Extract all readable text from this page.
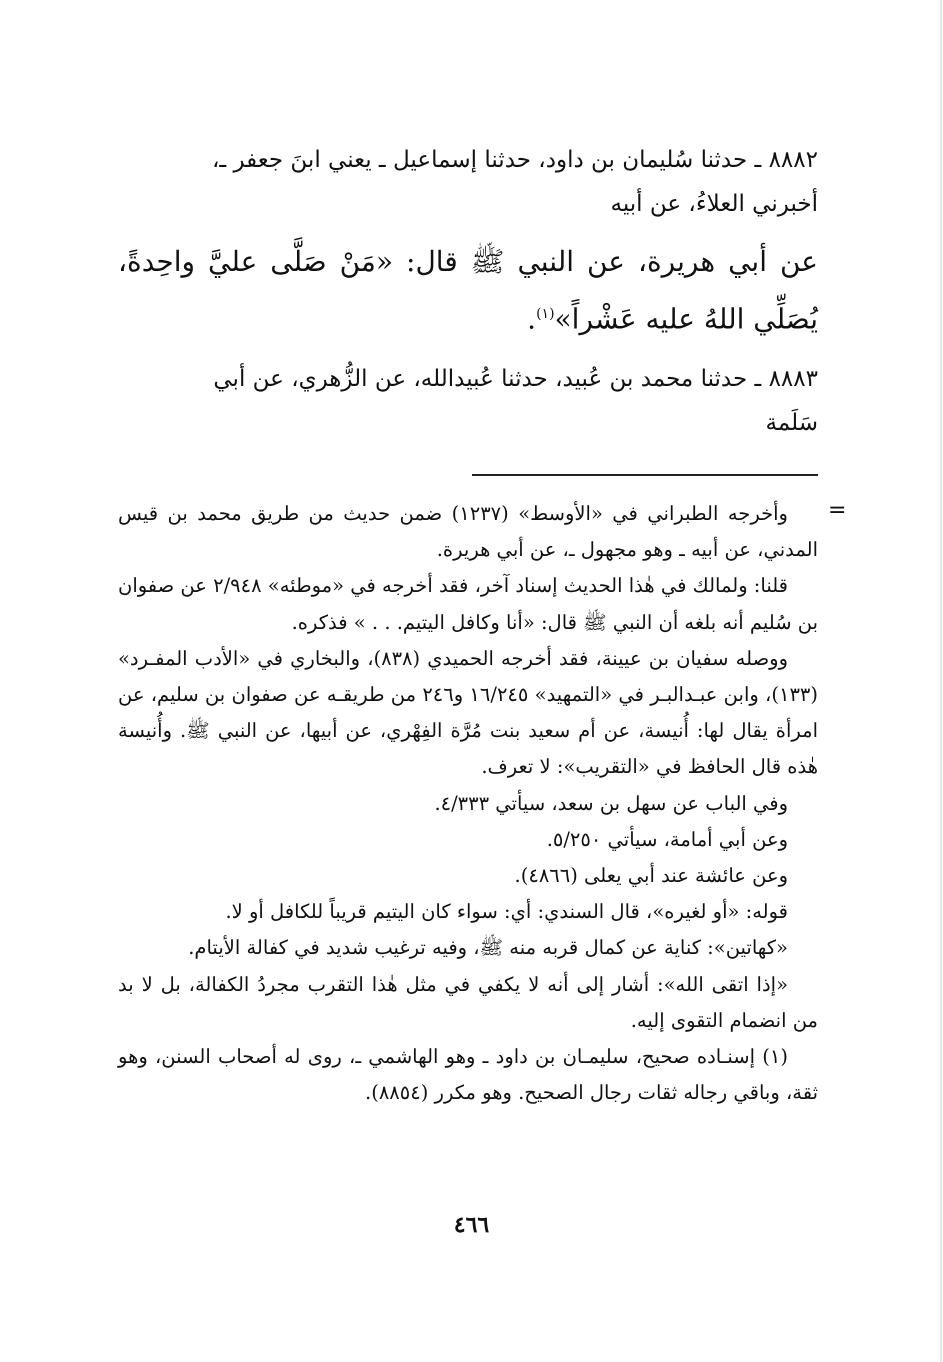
٨٨٨٢ ـ حدثنا سُليمان بن داود، حدثنا إسماعيل ـ يعني ابنَ جعفر ـ،
أخبرني العلاءُ، عن أبيه

عن أبي هريرة، عن النبي ﷺ قال: «مَنْ صَلَّى عليَّ واحِدةً، يُصَلِّي اللهُ عليه عَشْراً»$^{(١)}$.

٨٨٨٣ ـ حدثنا محمد بن عُبيد، حدثنا عُبيدالله، عن الزُّهري، عن أبي
سَلَمة

=

وأخرجه الطبراني في «الأوسط» (١٢٣٧) ضمن حديث من طريق محمد بن قيس المدني، عن أبيه ـ وهو مجهول ـ، عن أبي هريرة.

قلنا: ولمالك في هٰذا الحديث إسناد آخر، فقد أخرجه في «موطئه» ٢/٩٤٨ عن صفوان بن سُليم أنه بلغه أن النبي ﷺ قال: «أنا وكافل اليتيم. . . » فذكره.

ووصله سفيان بن عيينة، فقد أخرجه الحميدي (٨٣٨)، والبخاري في «الأدب المفـرد» (١٣٣)، وابن عبـدالبـر في «التمهيد» ١٦/٢٤٥ و٢٤٦ من طريقـه عن صفوان بن سليم، عن امرأة يقال لها: أُنيسة، عن أم سعيد بنت مُرَّة الفِهْري، عن أبيها، عن النبي ﷺ. وأُنيسة هٰذه قال الحافظ في «التقريب»: لا تعرف.

وفي الباب عن سهل بن سعد، سيأتي ٤/٣٣٣.

وعن أبي أمامة، سيأتي ٥/٢٥٠.

وعن عائشة عند أبي يعلى (٤٨٦٦).

قوله: «أو لغيره»، قال السندي: أي: سواء كان اليتيم قريباً للكافل أو لا.

«كهاتين»: كناية عن كمال قربه منه ﷺ، وفيه ترغيب شديد في كفالة الأيتام.

«إذا اتقى الله»: أشار إلى أنه لا يكفي في مثل هٰذا التقرب مجردُ الكفالة، بل لا بد من انضمام التقوى إليه.

(١) إسنـاده صحيح، سليمـان بن داود ـ وهو الهاشمي ـ، روى له أصحاب السنن، وهو ثقة، وباقي رجاله ثقات رجال الصحيح. وهو مكرر (٨٨٥٤).

٤٦٦
